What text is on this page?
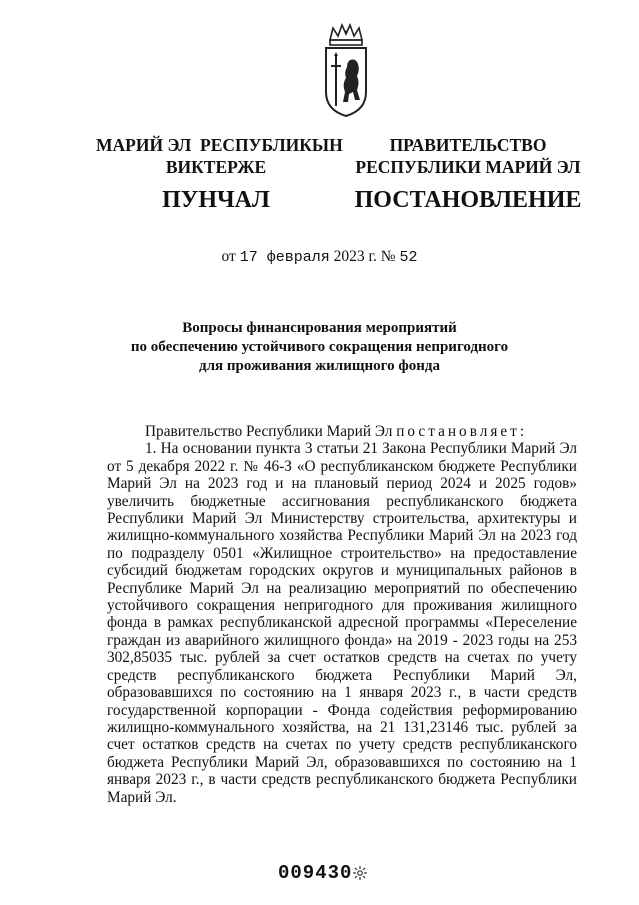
МАРИЙ ЭЛ  РЕСПУБЛИКЫН
ВИКТЕРЖЕ
ПУНЧАЛ
ПРАВИТЕЛЬСТВО
РЕСПУБЛИКИ МАРИЙ ЭЛ
ПОСТАНОВЛЕНИЕ
от 17 февраля 2023 г. № 52
Вопросы финансирования мероприятий
по обеспечению устойчивого сокращения непригодного
для проживания жилищного фонда

Правительство Республики Марий Эл постановляет:

1. На основании пункта 3 статьи 21 Закона Республики Марий Эл от 5 декабря 2022 г. № 46-З «О республиканском бюджете Республики Марий Эл на 2023 год и на плановый период 2024 и 2025 годов» увеличить бюджетные ассигнования республиканского бюджета Республики Марий Эл Министерству строительства, архитектуры и жилищно-коммунального хозяйства Республики Марий Эл на 2023 год по подразделу 0501 «Жилищное строительство» на предоставление субсидий бюджетам городских округов и муниципальных районов в Республике Марий Эл на реализацию мероприятий по обеспечению устойчивого сокращения непригодного для проживания жилищного фонда в рамках республиканской адресной программы «Переселение граждан из аварийного жилищного фонда» на 2019 - 2023 годы на 253 302,85035 тыс. рублей за счет остатков средств на счетах по учету средств республиканского бюджета Республики Марий Эл, образовавшихся по состоянию на 1 января 2023 г., в части средств государственной корпорации - Фонда содействия реформированию жилищно-коммунального хозяйства, на 21 131,23146 тыс. рублей за счет остатков средств на счетах по учету средств республиканского бюджета Республики Марий Эл, образовавшихся по состоянию на 1 января 2023 г., в части средств республиканского бюджета Республики Марий Эл.

009430
